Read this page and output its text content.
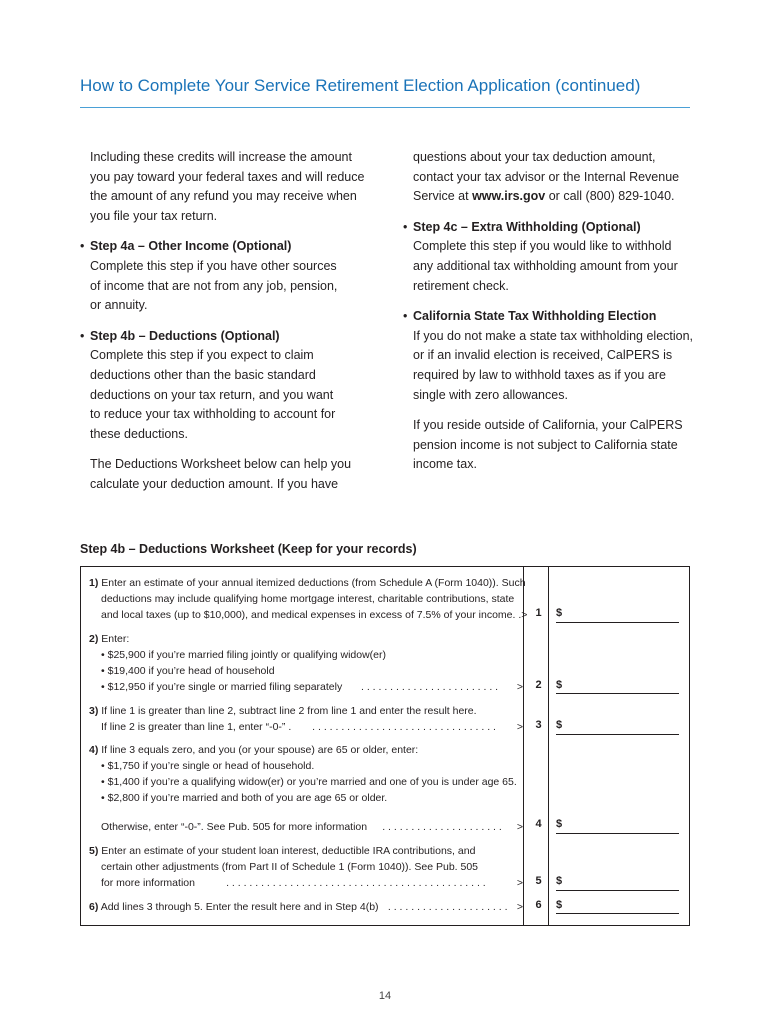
How to Complete Your Service Retirement Election Application (continued)

Including these credits will increase the amount

you pay toward your federal taxes and will reduce

the amount of any refund you may receive when

you file your tax return.

• Step 4a – Other Income (Optional)

Complete this step if you have other sources

of income that are not from any job, pension,

or annuity.

• Step 4b – Deductions (Optional)

Complete this step if you expect to claim

deductions other than the basic standard

deductions on your tax return, and you want

to reduce your tax withholding to account for

these deductions.

The Deductions Worksheet below can help you

calculate your deduction amount. If you have

questions about your tax deduction amount,

contact your tax advisor or the Internal Revenue

Service at www.irs.gov or call (800) 829-1040.

• Step 4c – Extra Withholding (Optional)

Complete this step if you would like to withhold

any additional tax withholding amount from your

retirement check.

• California State Tax Withholding Election

If you do not make a state tax withholding election,

or if an invalid election is received, CalPERS is

required by law to withhold taxes as if you are

single with zero allowances.

If you reside outside of California, your CalPERS

pension income is not subject to California state

income tax.

Step 4b – Deductions Worksheet (Keep for your records)
1) Enter an estimate of your annual itemized deductions (from Schedule A (Form 1040)). Such
deductions may include qualifying home mortgage interest, charitable contributions, state
and local taxes (up to $10,000), and medical expenses in excess of 7.5% of your income . . > 1	$
2) Enter:
• $25,900 if you’re married filing jointly or qualifying widow(er)
• $19,400 if you’re head of household
• $12,950 if you’re single or married filing separately . . . . . . . . . . . . . . . . . . . . . . . . >	2	$
3) If line 1 is greater than line 2, subtract line 2 from line 1 and enter the result here.
If line 2 is greater than line 1, enter “-0-” . . . . . . . . . . . . . . . . . . . . . . . . . . . . . . . . . >	3	$
4) If line 3 equals zero, and you (or your spouse) are 65 or older, enter:
• $1,750 if you’re single or head of household.
• $1,400 if you’re a qualifying widow(er) or you’re married and one of you is under age 65.
• $2,800 if you’re married and both of you are age 65 or older.
Otherwise, enter “-0-”. See Pub. 505 for more information . . . . . . . . . . . . . . . . . . . . . >	4	$
5) Enter an estimate of your student loan interest, deductible IRA contributions, and
certain other adjustments (from Part II of Schedule 1 (Form 1040)). See Pub. 505
for more information	. . . . . . . . . . . . . . . . . . . . . . . . . . . . . . . . . . . . . . . . . . . . .	>	5	$
6) Add lines 3 through 5. Enter the result here and in Step 4(b) . . . . . . . . . . . . . . . . . . . . . >	6	$
14
